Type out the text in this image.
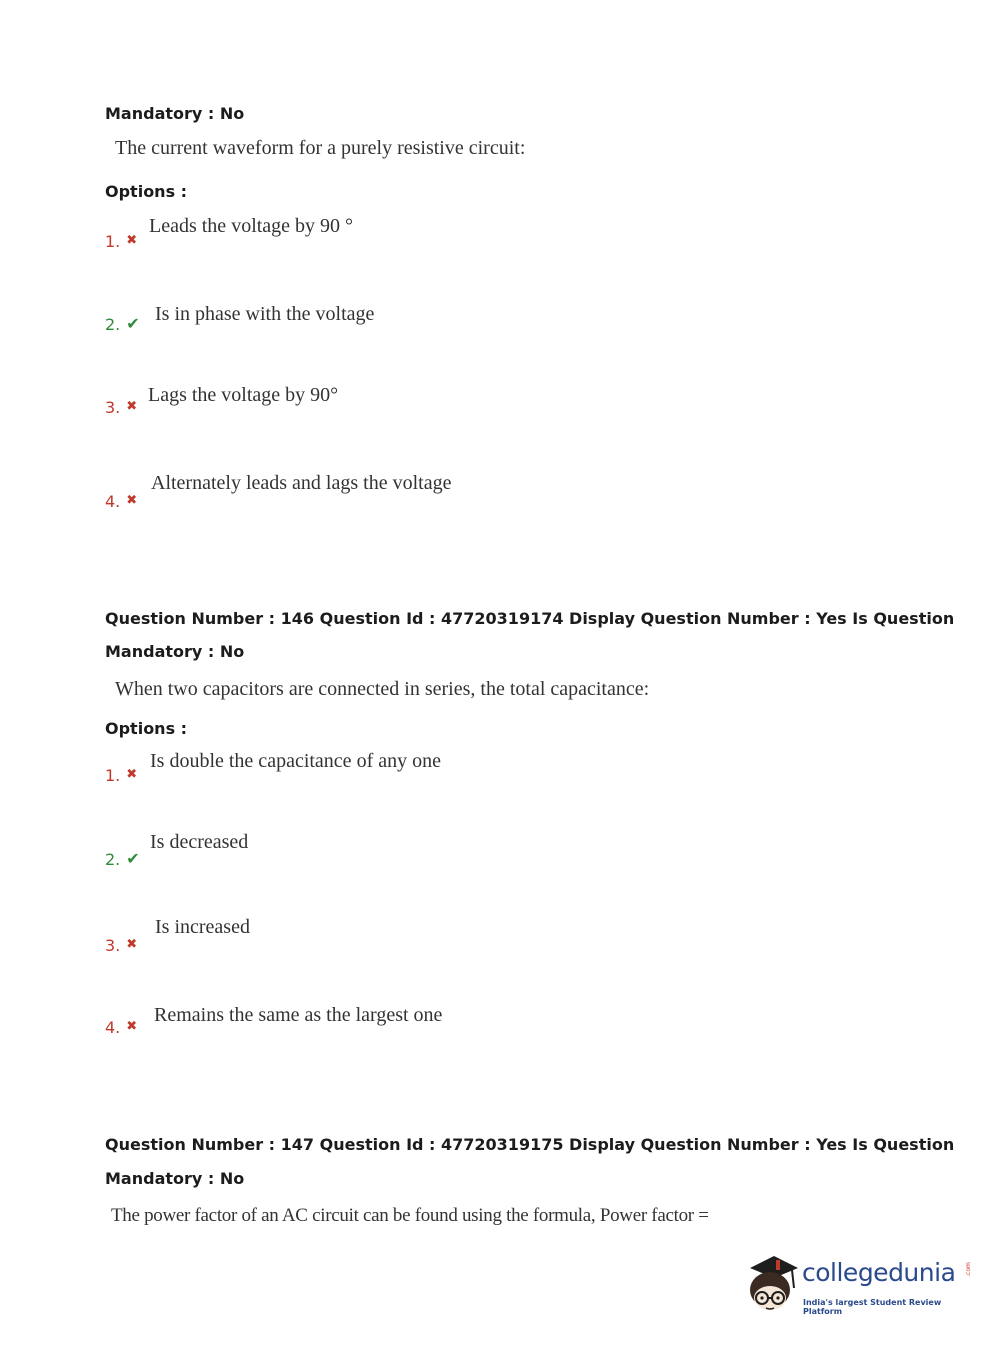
Mandatory : No
The current waveform for a purely resistive circuit:
Options :
1. ✖
Leads the voltage by 90 °
2. ✔ Is in phase with the voltage
3. ✖
Lags the voltage by 90°
4. ✖
Alternately leads and lags the voltage
Question Number : 146 Question Id : 47720319174 Display Question Number : Yes Is Question
Mandatory : No
When two capacitors are connected in series, the total capacitance:
Options :
1. ✖
Is double the capacitance of any one
2. ✔
Is decreased
3. ✖
Is increased
4. ✖
Remains the same as the largest one
Question Number : 147 Question Id : 47720319175 Display Question Number : Yes Is Question
Mandatory : No
The power factor of an AC circuit can be found using the formula, Power factor =
collegedunia .com
India's largest Student Review Platform
